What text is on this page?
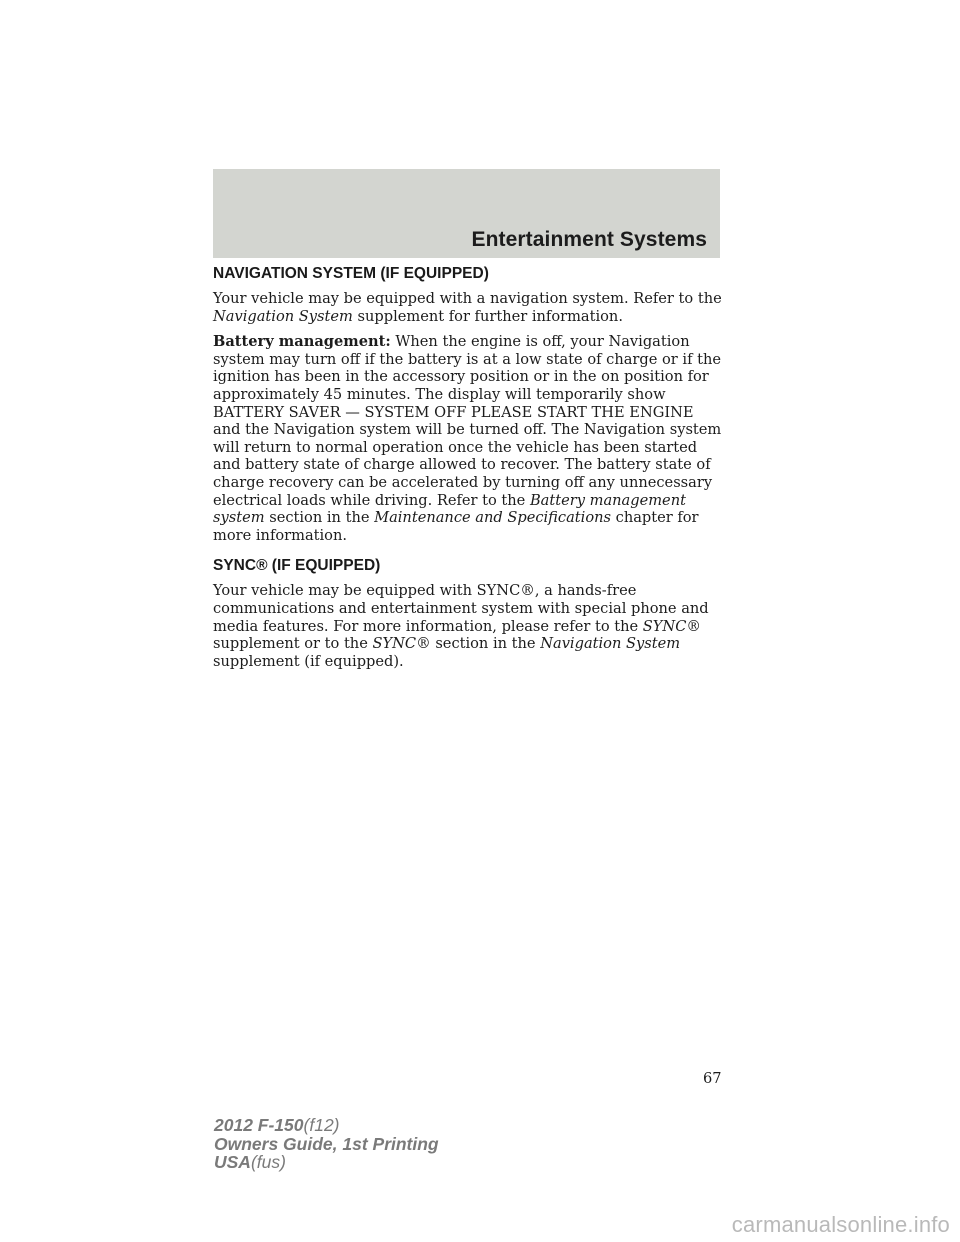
Entertainment Systems
NAVIGATION SYSTEM (IF EQUIPPED)

Your vehicle may be equipped with a navigation system. Refer to the Navigation System supplement for further information.

Battery management: When the engine is off, your Navigation system may turn off if the battery is at a low state of charge or if the ignition has been in the accessory position or in the on position for approximately 45 minutes. The display will temporarily show BATTERY SAVER — SYSTEM OFF PLEASE START THE ENGINE and the Navigation system will be turned off. The Navigation system will return to normal operation once the vehicle has been started and battery state of charge allowed to recover. The battery state of charge recovery can be accelerated by turning off any unnecessary electrical loads while driving. Refer to the Battery management system section in the Maintenance and Specifications chapter for more information.

SYNC® (IF EQUIPPED)

Your vehicle may be equipped with SYNC®, a hands-free communications and entertainment system with special phone and media features. For more information, please refer to the SYNC® supplement or to the SYNC® section in the Navigation System supplement (if equipped).

67
2012 F-150(f12)
Owners Guide, 1st Printing
USA(fus)
carmanualsonline.info
